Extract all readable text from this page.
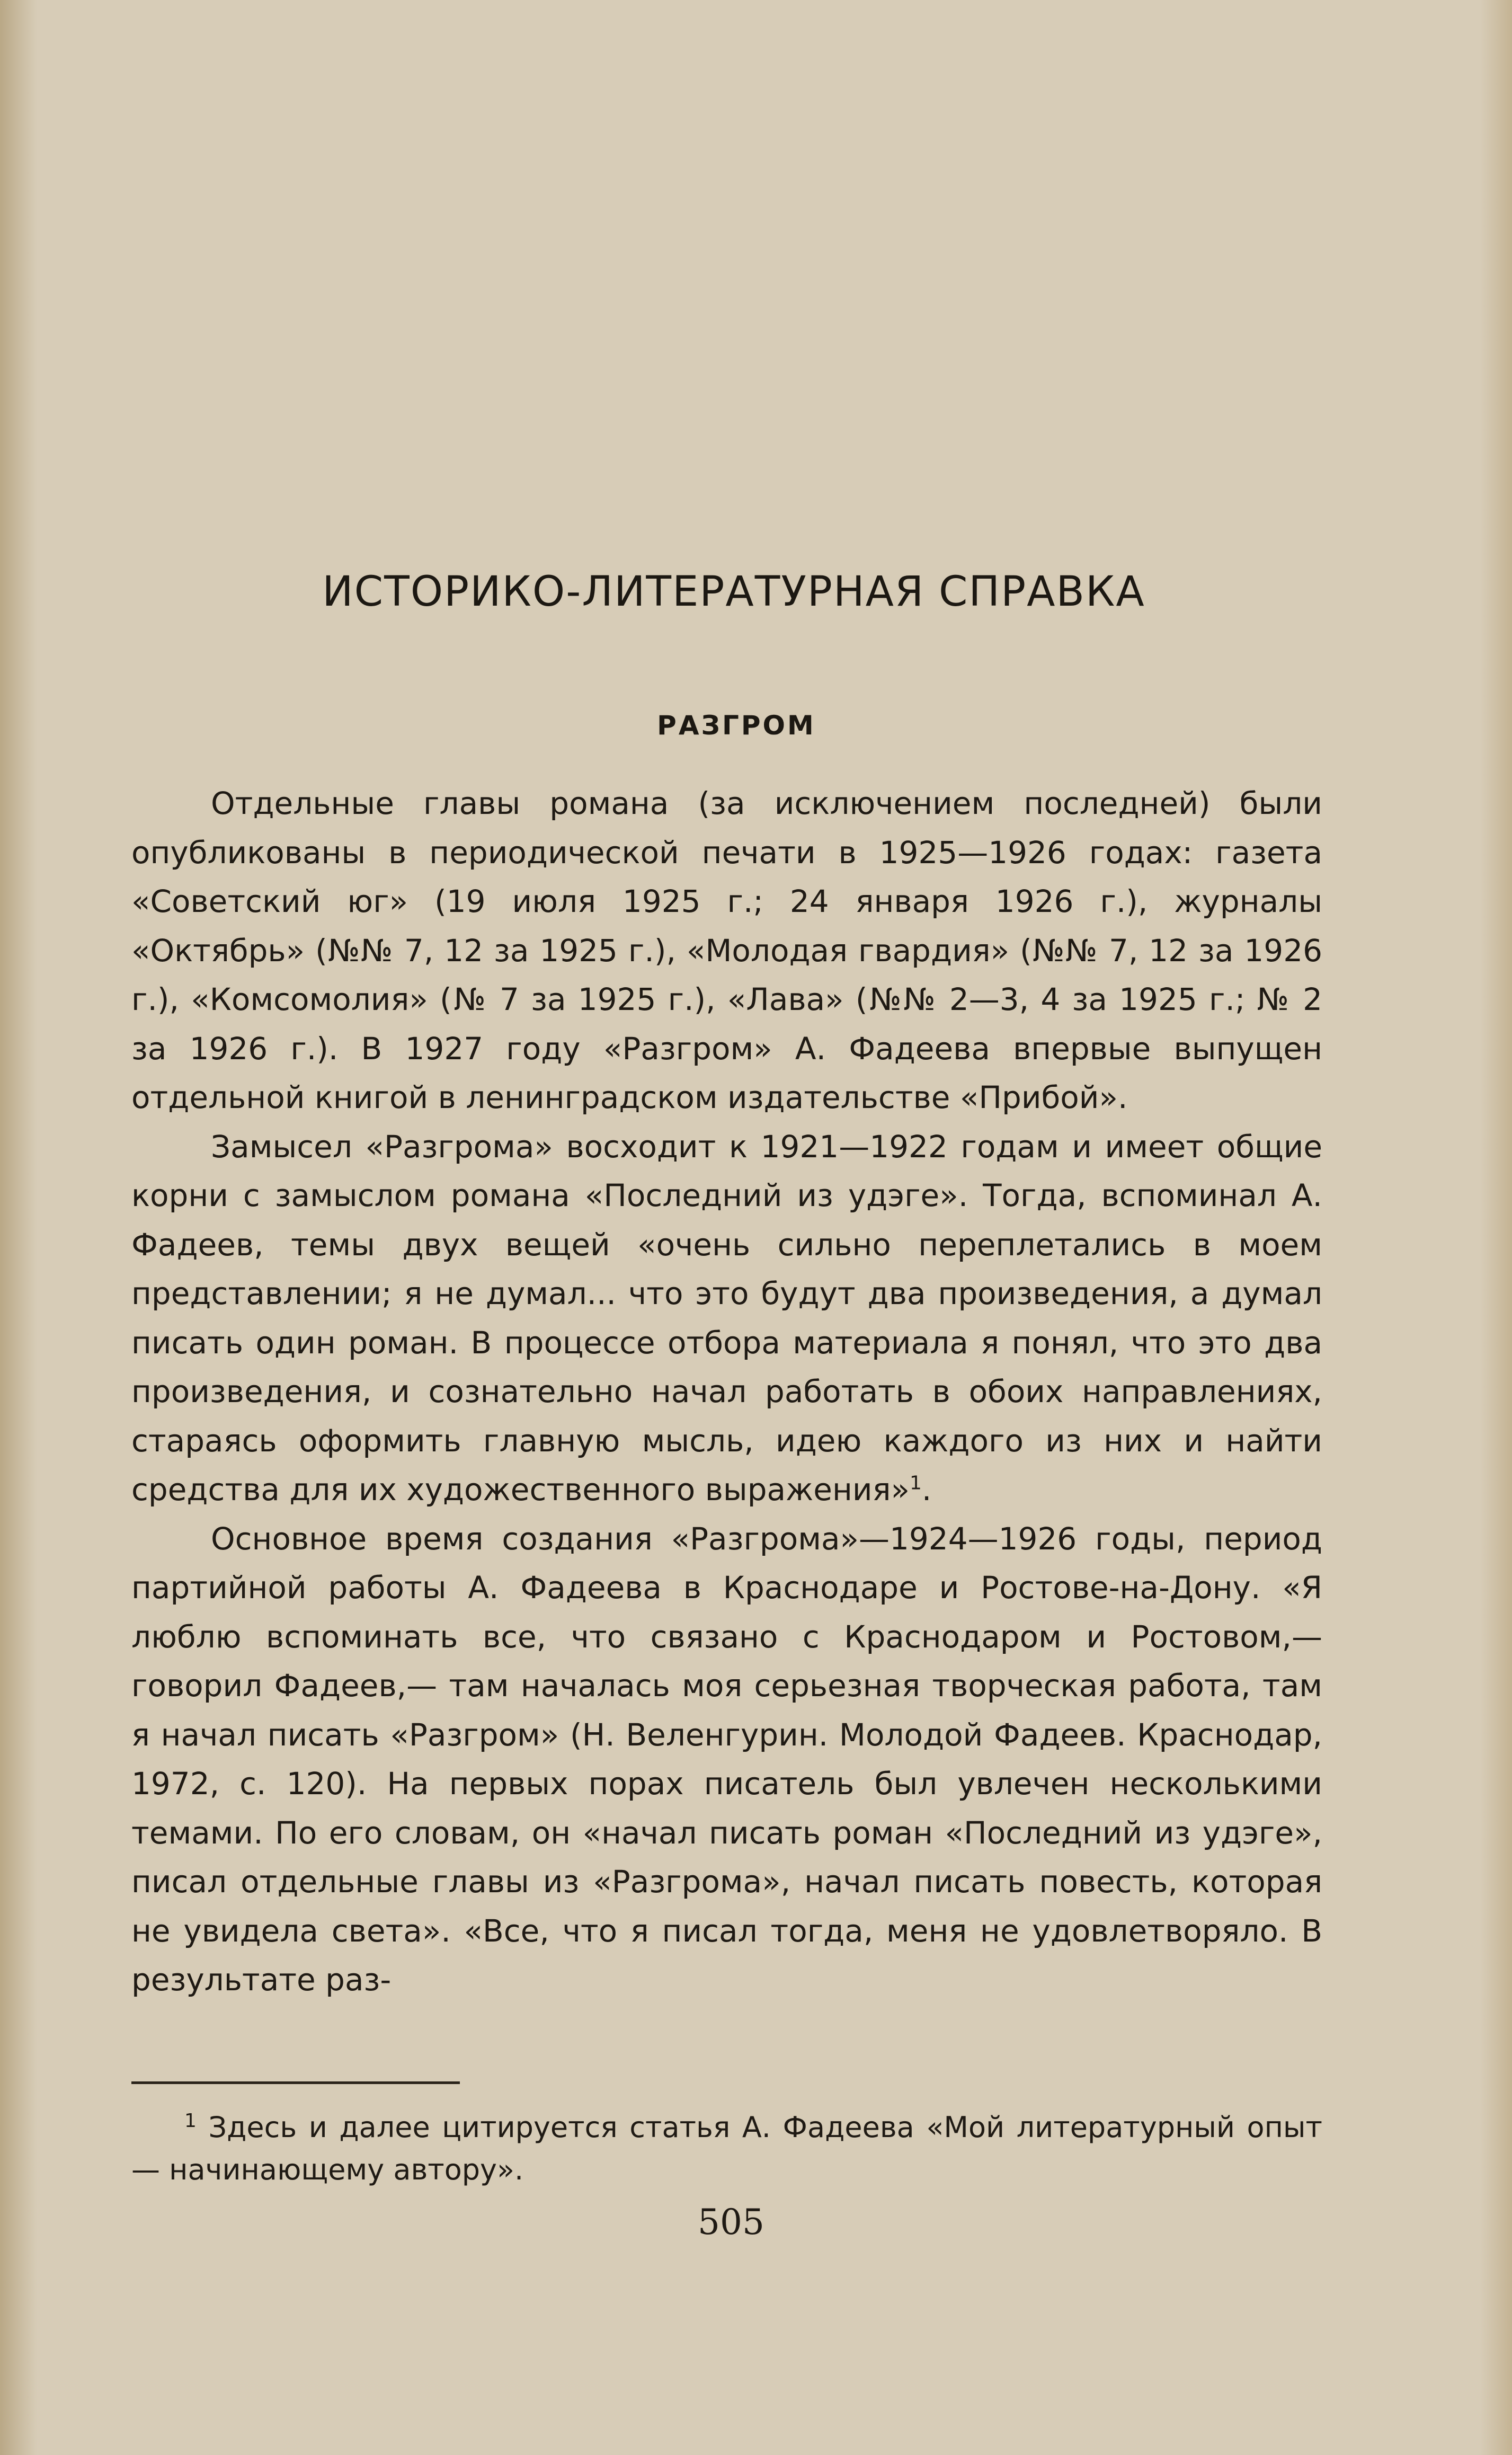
ИСТОРИКО-ЛИТЕРАТУРНАЯ СПРАВКА
РАЗГРОМ

Отдельные главы романа (за исключением последней) были опубликованы в периодической печати в 1925—1926 годах: газета «Советский юг» (19 июля 1925 г.; 24 января 1926 г.), журналы «Октябрь» (№№ 7, 12 за 1925 г.), «Молодая гвардия» (№№ 7, 12 за 1926 г.), «Комсомолия» (№ 7 за 1925 г.), «Лава» (№№ 2—3, 4 за 1925 г.; № 2 за 1926 г.). В 1927 году «Разгром» А. Фадеева впервые выпущен отдельной книгой в ленинградском издательстве «Прибой».

Замысел «Разгрома» восходит к 1921—1922 годам и имеет общие корни с замыслом романа «Последний из удэге». Тогда, вспоминал А. Фадеев, темы двух вещей «очень сильно переплетались в моем представлении; я не думал... что это будут два произведения, а думал писать один роман. В процессе отбора материала я понял, что это два произведения, и сознательно начал работать в обоих направлениях, стараясь оформить главную мысль, идею каждого из них и найти средства для их художественного выражения»$^1$.

Основное время создания «Разгрома»—1924—1926 годы, период партийной работы А. Фадеева в Краснодаре и Ростове-на-Дону. «Я люблю вспоминать все, что связано с Краснодаром и Ростовом,— говорил Фадеев,— там началась моя серьезная творческая работа, там я начал писать «Разгром» (Н. Веленгурин. Молодой Фадеев. Краснодар, 1972, с. 120). На первых порах писатель был увлечен несколькими темами. По его словам, он «начал писать роман «Последний из удэге», писал отдельные главы из «Разгрома», начал писать повесть, которая не увидела света». «Все, что я писал тогда, меня не удовлетворяло. В результате раз-

$^1$ Здесь и далее цитируется статья А. Фадеева «Мой литературный опыт — начинающему автору».
505
